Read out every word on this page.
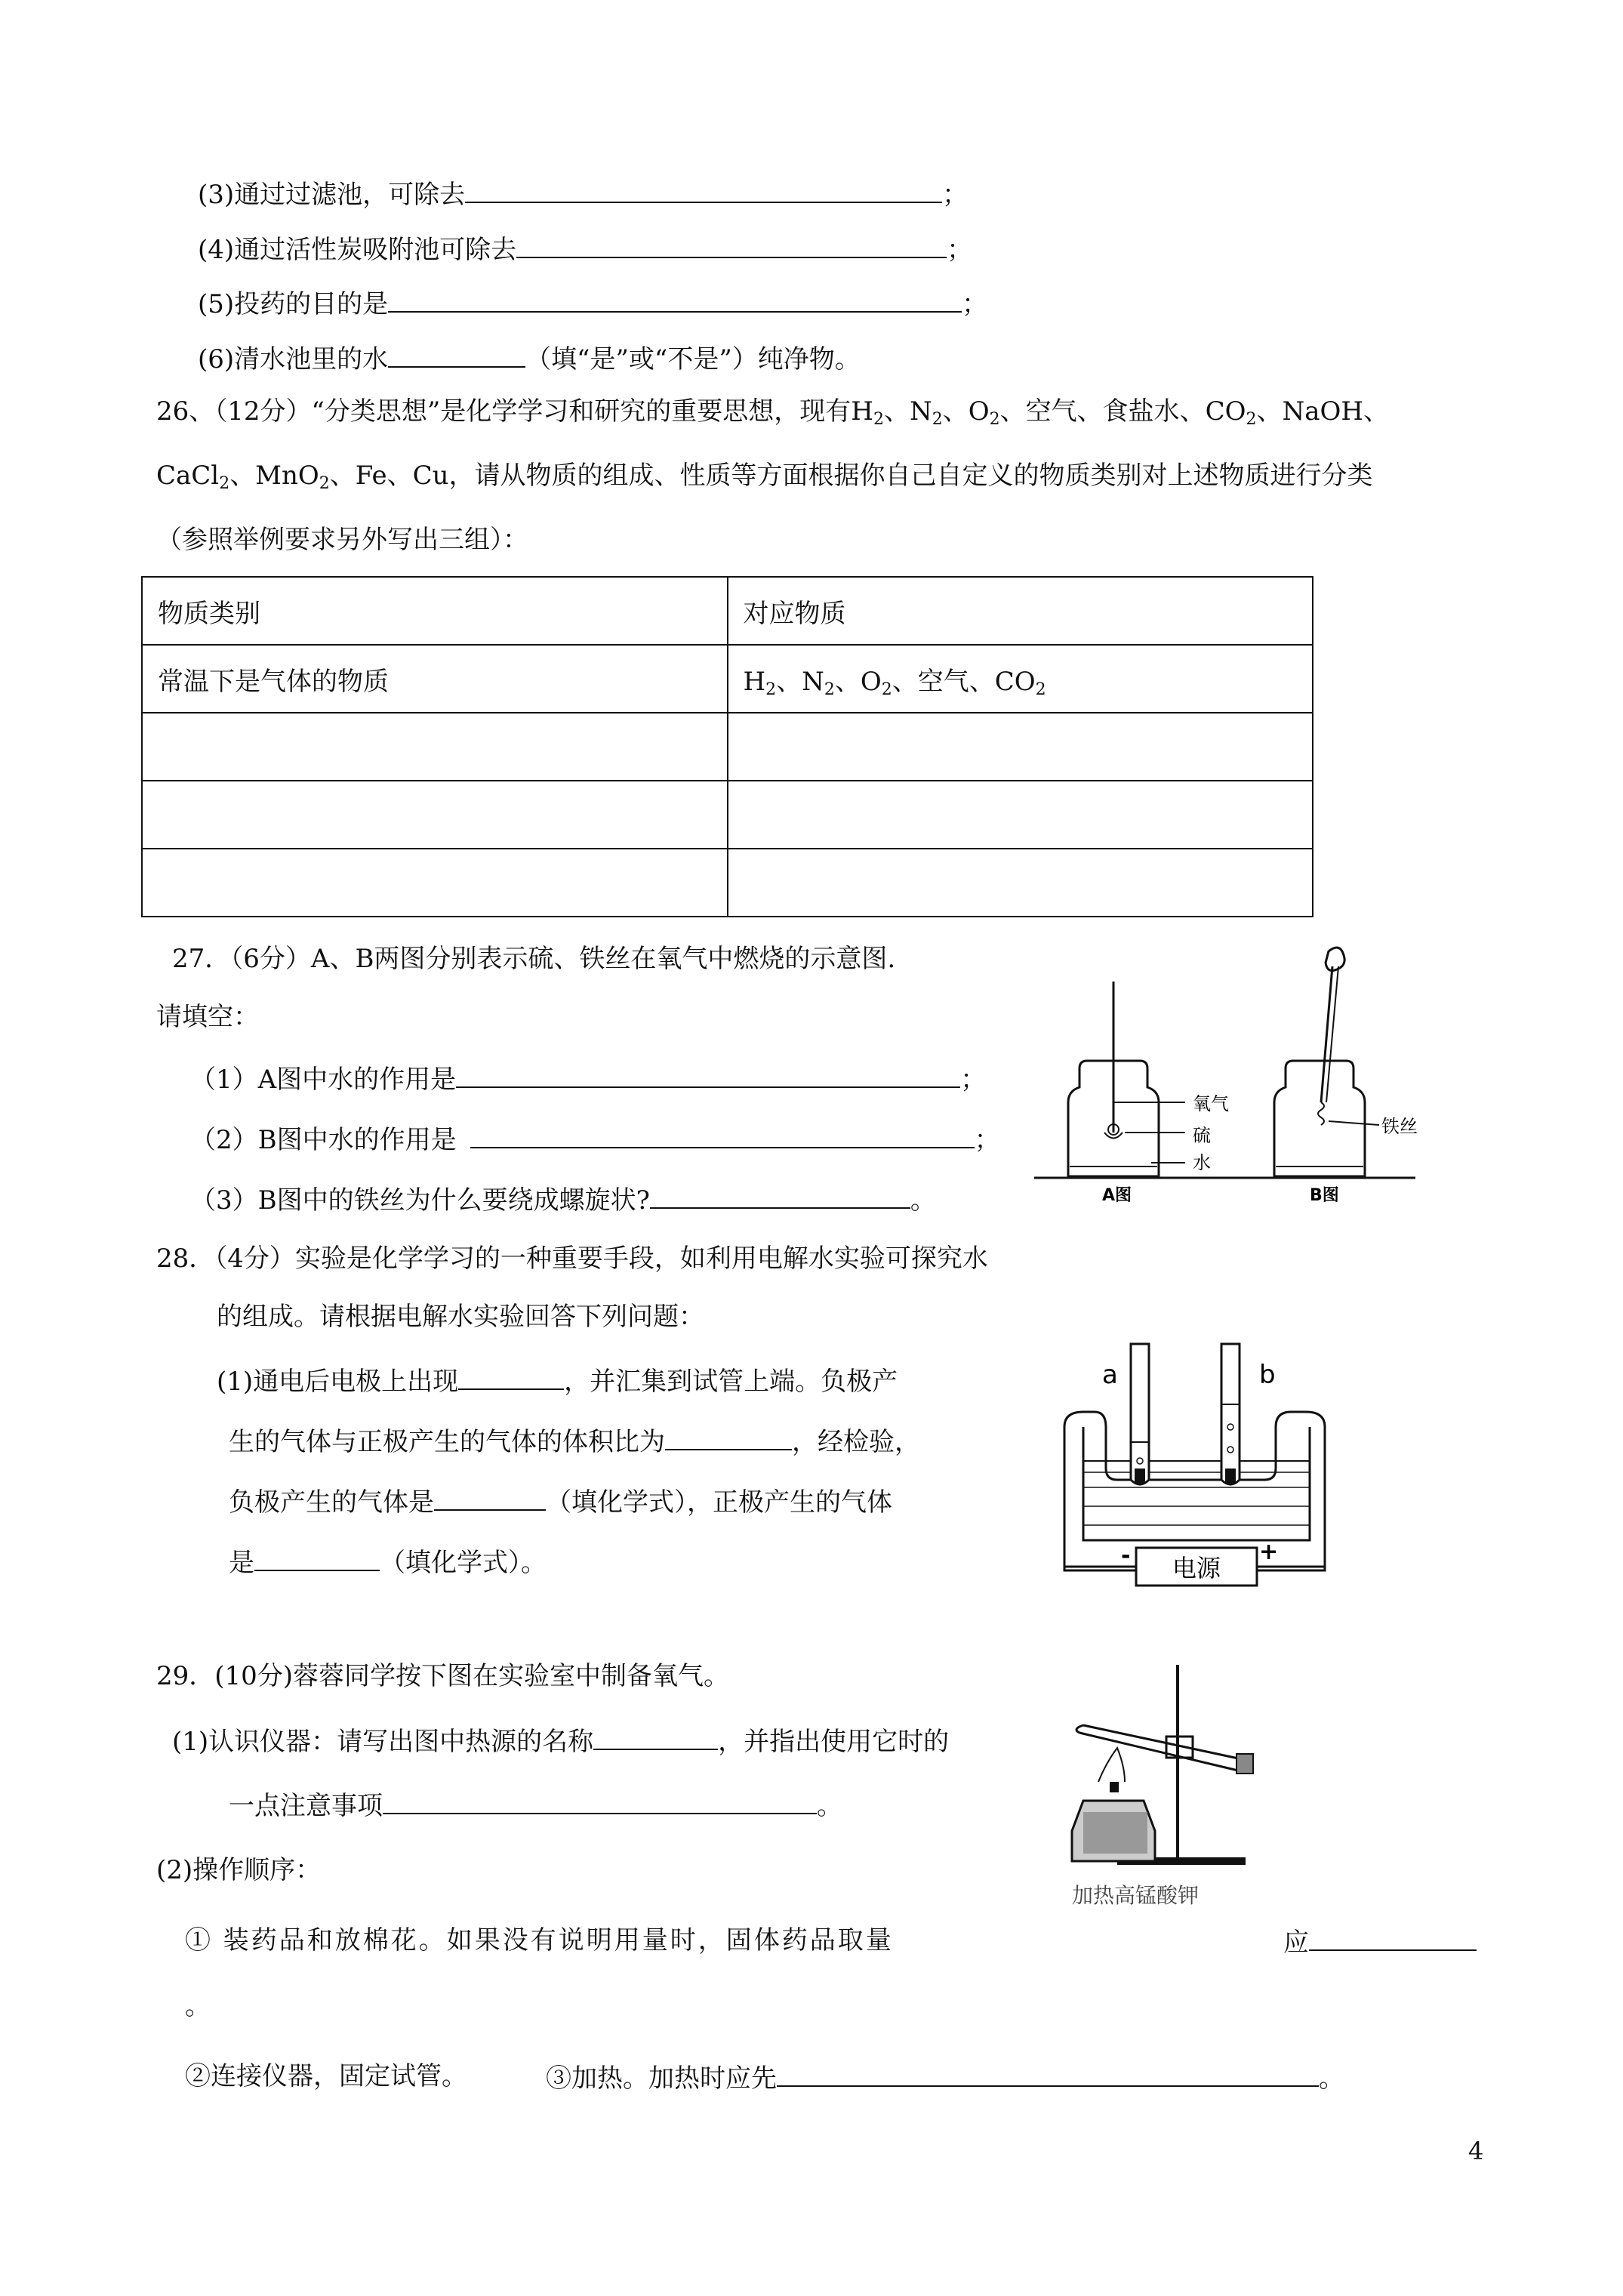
(3)通过过滤池，可除去	；
(4)通过活性炭吸附池可除去	；
(5)投药的目的是	；
(6)清水池里的水	（填“是”或“不是”）纯净物。
26、（12分）“分类思想”是化学学习和研究的重要思想，现有$H_2$、$N_2$、$O_2$、空气、食盐水、$CO_2$、NaOH、
CaCl$_2$、MnO$_2$、Fe、Cu，请从物质的组成、性质等方面根据你自己自定义的物质类别对上述物质进行分类
（参照举例要求另外写出三组）：
物质类别	对应物质
常温下是气体的物质	$H_2$、$N_2$、$O_2$、空气、$CO_2$

27．（6分）A、B两图分别表示硫、铁丝在氧气中燃烧的示意图.
请填空：
（1）A图中水的作用是	；
（2）B图中水的作用是	；
（3）B图中的铁丝为什么要绕成螺旋状?	。
氧气
硫
水
铁丝
A图	B图
28．（4分）实验是化学学习的一种重要手段，如利用电解水实验可探究水
的组成。请根据电解水实验回答下列问题：
(1)通电后电极上出现	，并汇集到试管上端。负极产
生的气体与正极产生的气体的体积比为	，经检验，
负极产生的气体是	（填化学式），正极产生的气体
是	（填化学式）。
a	b
电源
-	+
29．(10分)蓉蓉同学按下图在实验室中制备氧气。
(1)认识仪器：请写出图中热源的名称	，并指出使用它时的
一点注意事项	。
(2)操作顺序：
① 装药品和放棉花。如果没有说明用量时，固体药品取量	应
。
②连接仪器，固定试管。	③加热。加热时应先	。
加热高锰酸钾
4
